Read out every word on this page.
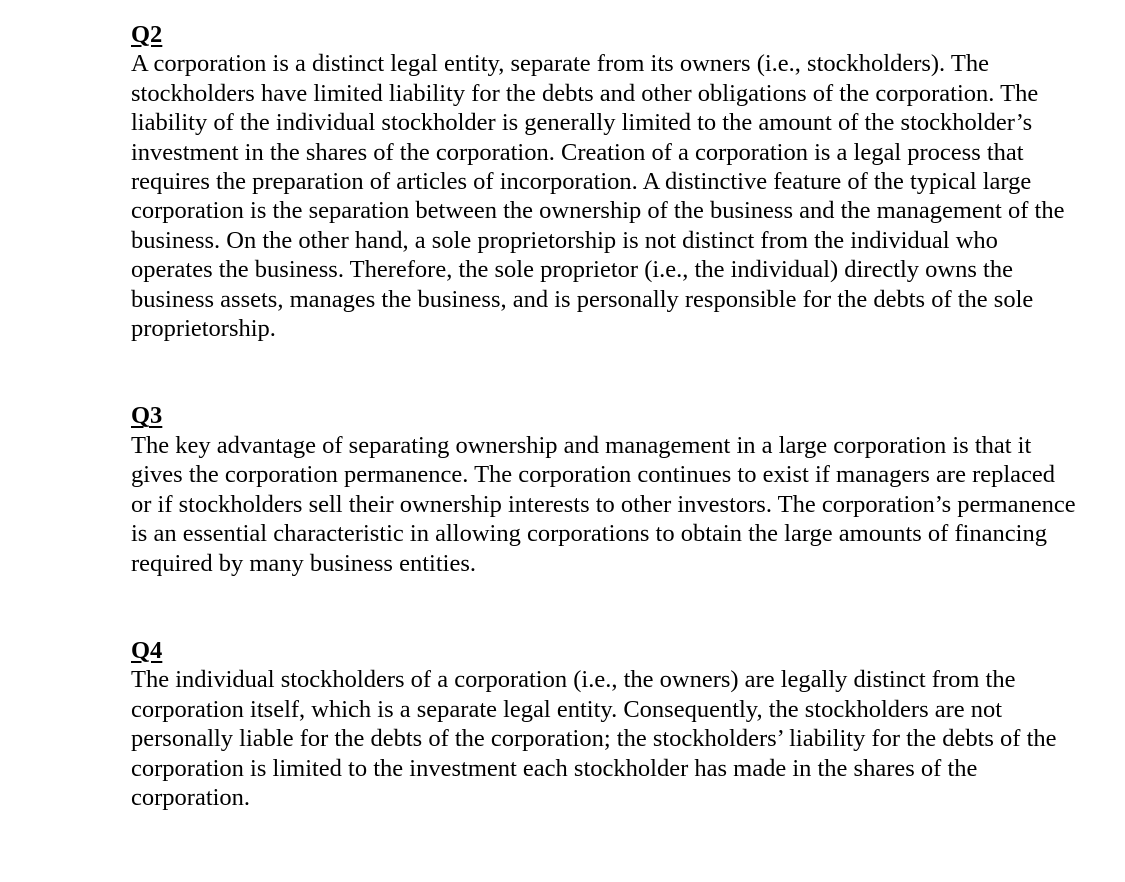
Q2

A corporation is a distinct legal entity, separate from its owners (i.e., stockholders). The stockholders have limited liability for the debts and other obligations of the corporation. The liability of the individual stockholder is generally limited to the amount of the stockholder’s investment in the shares of the corporation. Creation of a corporation is a legal process that requires the preparation of articles of incorporation. A distinctive feature of the typical large corporation is the separation between the ownership of the business and the management of the business. On the other hand, a sole proprietorship is not distinct from the individual who operates the business. Therefore, the sole proprietor (i.e., the individual) directly owns the business assets, manages the business, and is personally responsible for the debts of the sole proprietorship.

Q3

The key advantage of separating ownership and management in a large corporation is that it gives the corporation permanence. The corporation continues to exist if managers are replaced or if stockholders sell their ownership interests to other investors. The corporation’s permanence is an essential characteristic in allowing corporations to obtain the large amounts of financing required by many business entities.

Q4

The individual stockholders of a corporation (i.e., the owners) are legally distinct from the corporation itself, which is a separate legal entity. Consequently, the stockholders are not personally liable for the debts of the corporation; the stockholders’ liability for the debts of the corporation is limited to the investment each stockholder has made in the shares of the corporation.
